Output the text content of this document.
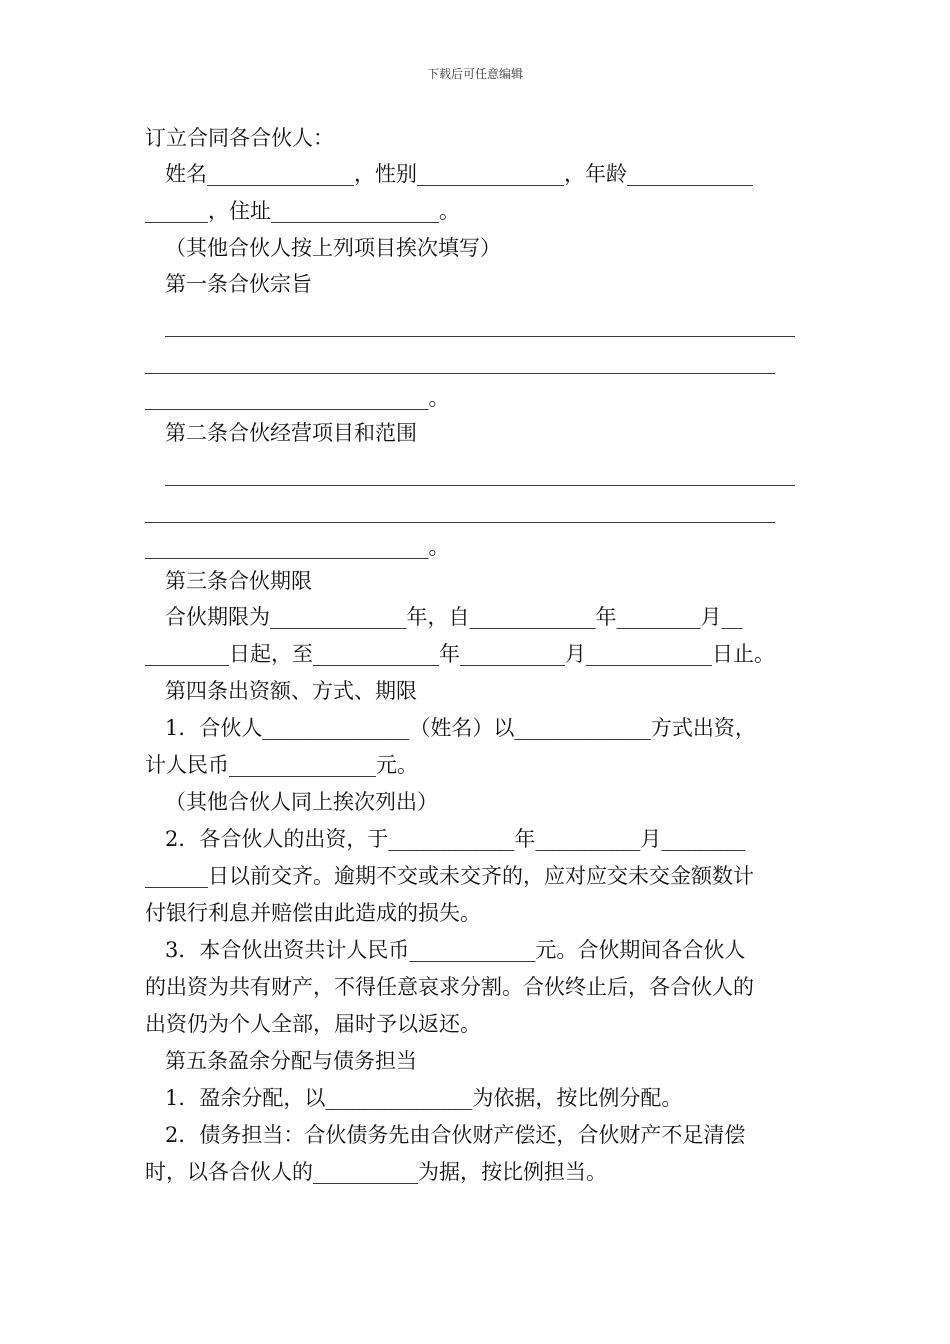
下载后可任意编辑
订立合同各合伙人：
姓名______________，性别______________，年龄____________
______，住址________________。
（其他合伙人按上列项目挨次填写）
第一条合伙宗旨
____________________________________________________________
____________________________________________________________
___________________________。
第二条合伙经营项目和范围
____________________________________________________________
____________________________________________________________
___________________________。
第三条合伙期限
合伙期限为_____________年，自____________年________月__
________日起，至____________年__________月____________日止。
第四条出资额、方式、期限
1．合伙人______________（姓名）以_____________方式出资，
计人民币______________元。
（其他合伙人同上挨次列出）
2．各合伙人的出资，于____________年__________月________
______日以前交齐。逾期不交或未交齐的，应对应交未交金额数计
付银行利息并赔偿由此造成的损失。
3．本合伙出资共计人民币____________元。合伙期间各合伙人
的出资为共有财产，不得任意哀求分割。合伙终止后，各合伙人的
出资仍为个人全部，届时予以返还。
第五条盈余分配与债务担当
1．盈余分配，以______________为依据，按比例分配。
2．债务担当：合伙债务先由合伙财产偿还，合伙财产不足清偿
时，以各合伙人的__________为据，按比例担当。
